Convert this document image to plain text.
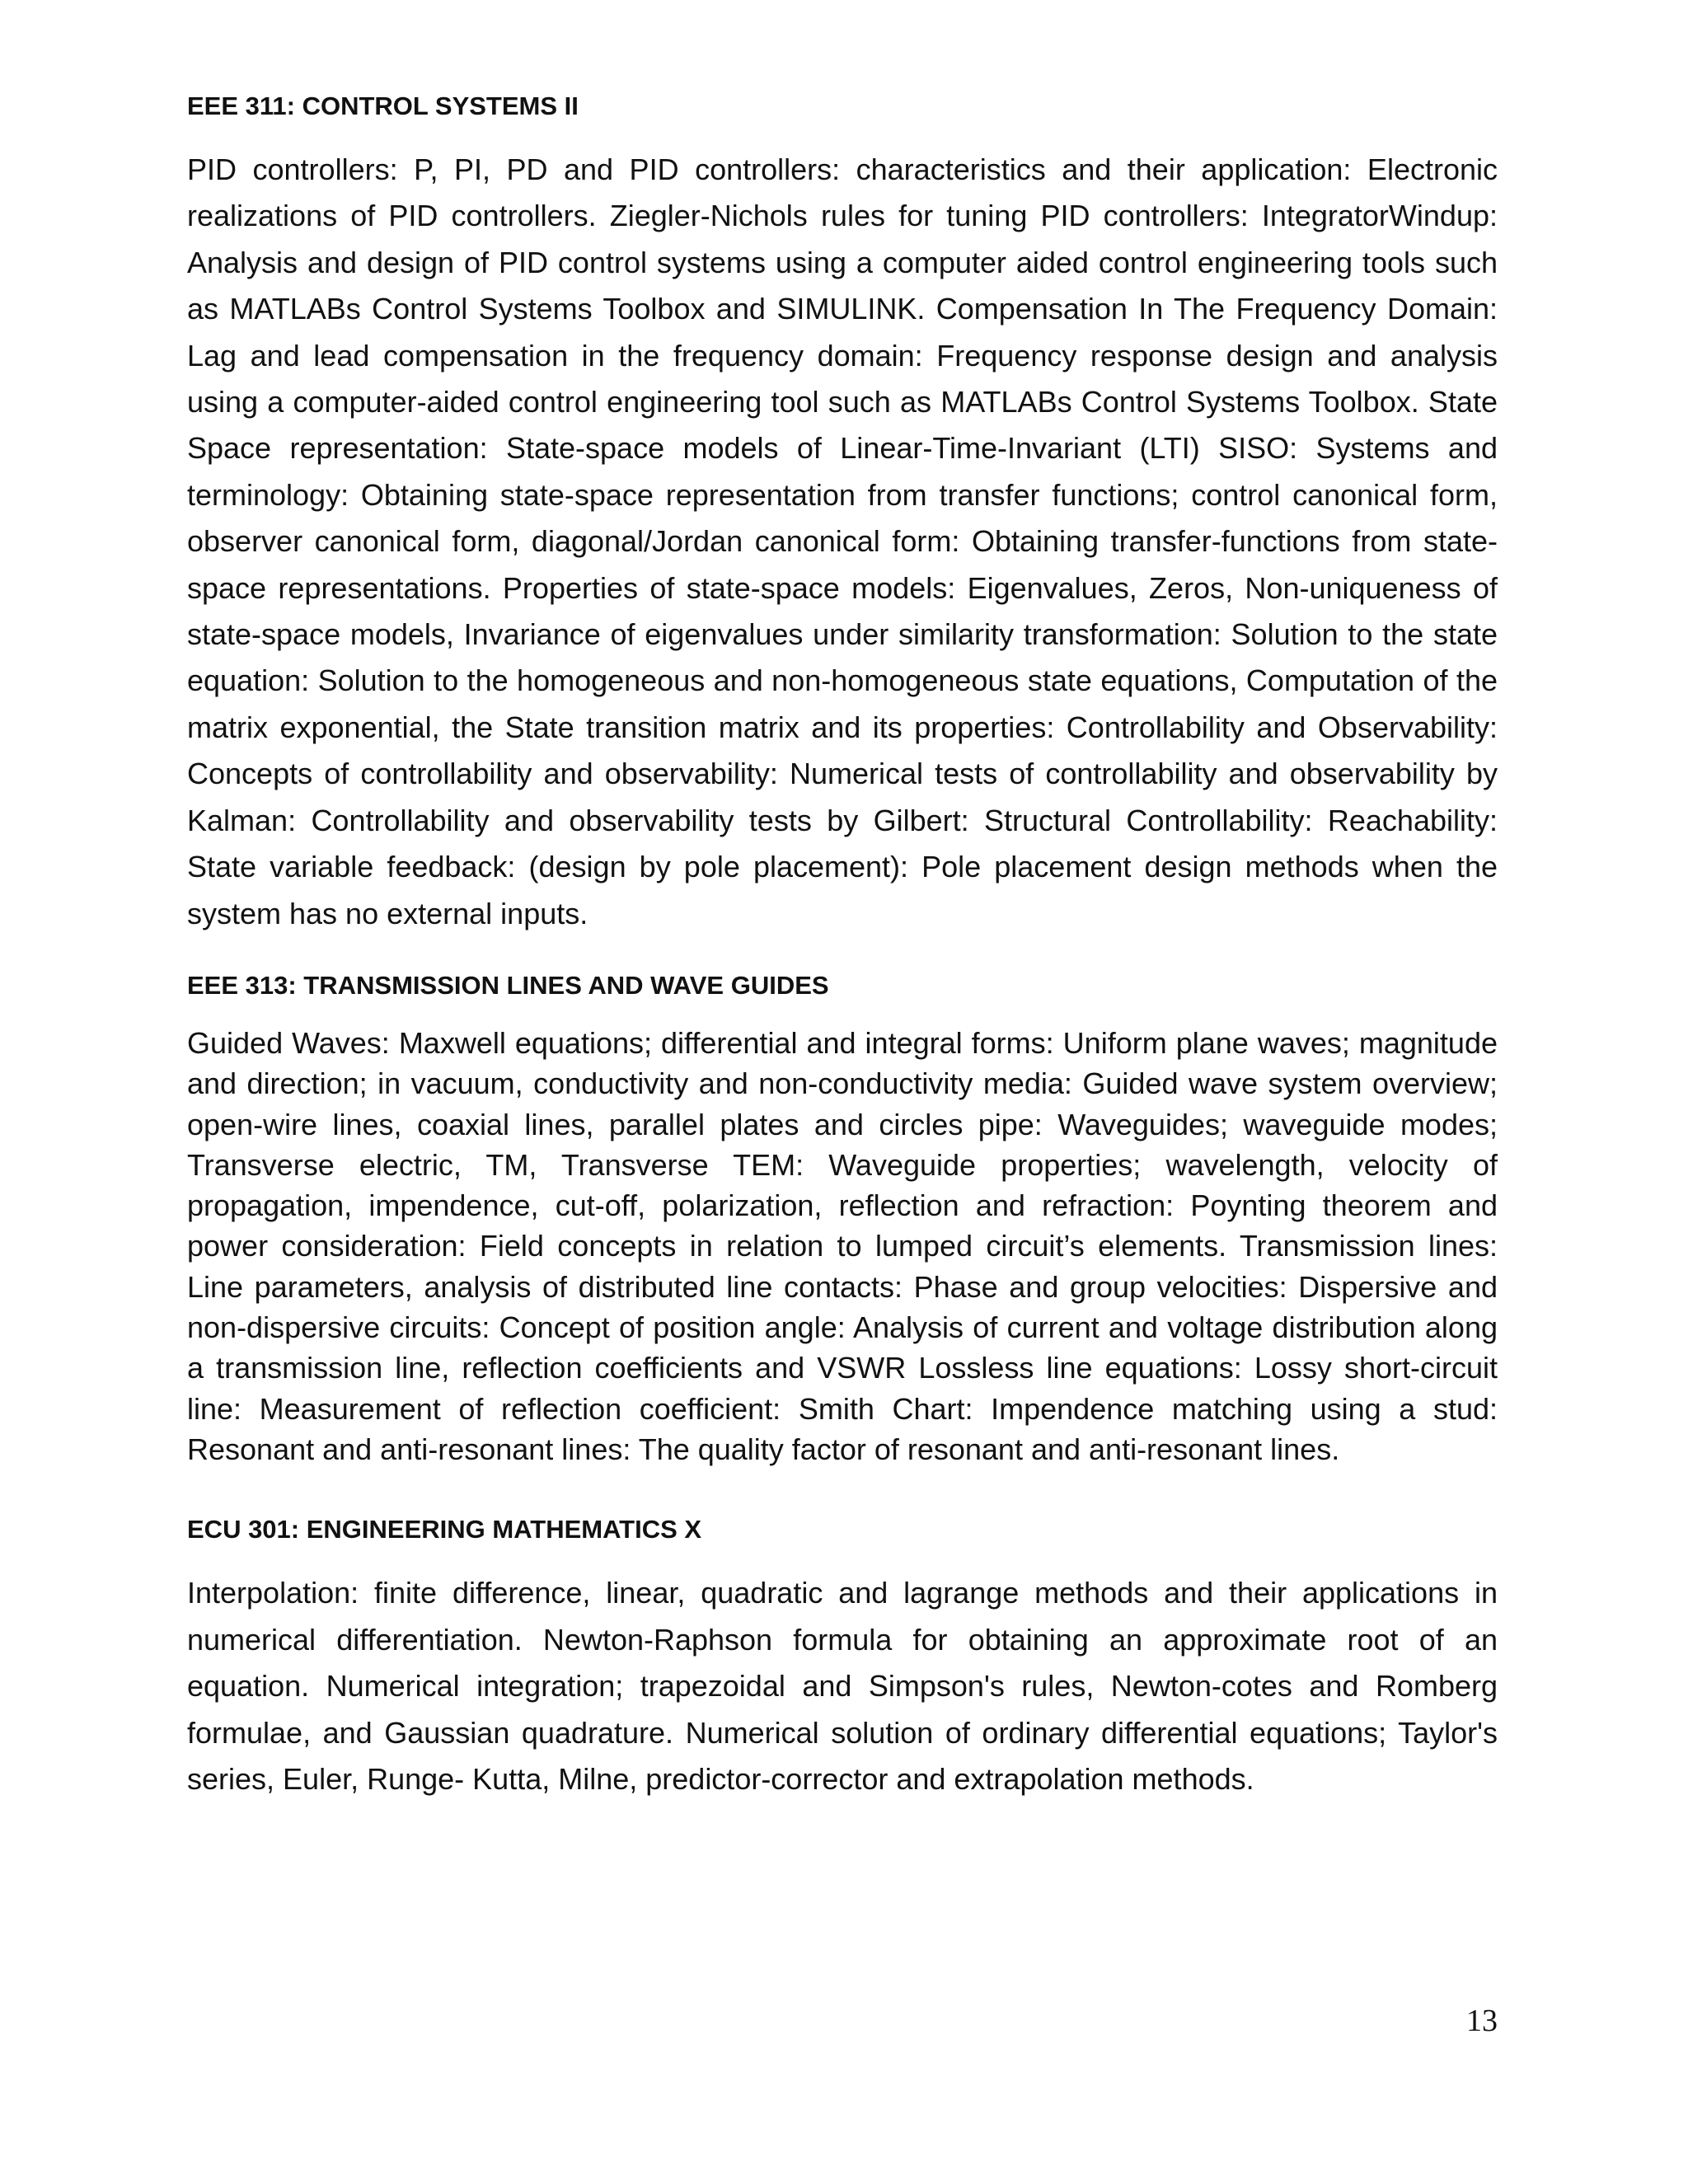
EEE 311: CONTROL SYSTEMS II

PID controllers: P, PI, PD and PID controllers: characteristics and their application: Electronic realizations of PID controllers. Ziegler-Nichols rules for tuning PID controllers: IntegratorWindup: Analysis and design of PID control systems using a computer aided control engineering tools such as MATLABs Control Systems Toolbox and SIMULINK. Compensation In The Frequency Domain: Lag and lead compensation in the frequency domain: Frequency response design and analysis using a computer-aided control engineering tool such as MATLABs Control Systems Toolbox. State Space representation: State-space models of Linear-Time-Invariant (LTI) SISO: Systems and terminology: Obtaining state-space representation from transfer functions; control canonical form, observer canonical form, diagonal/Jordan canonical form: Obtaining transfer-functions from state-space representations. Properties of state-space models: Eigenvalues, Zeros, Non-uniqueness of state-space models, Invariance of eigenvalues under similarity transformation: Solution to the state equation: Solution to the homogeneous and non-homogeneous state equations, Computation of the matrix exponential, the State transition matrix and its properties: Controllability and Observability: Concepts of controllability and observability: Numerical tests of controllability and observability by Kalman: Controllability and observability tests by Gilbert: Structural Controllability: Reachability: State variable feedback: (design by pole placement): Pole placement design methods when the system has no external inputs.

EEE 313: TRANSMISSION LINES AND WAVE GUIDES

Guided Waves: Maxwell equations; differential and integral forms: Uniform plane waves; magnitude and direction; in vacuum, conductivity and non-conductivity media: Guided wave system overview; open-wire lines, coaxial lines, parallel plates and circles pipe: Waveguides; waveguide modes; Transverse electric, TM, Transverse TEM: Waveguide properties; wavelength, velocity of propagation, impendence, cut-off, polarization, reflection and refraction: Poynting theorem and power consideration: Field concepts in relation to lumped circuit’s elements. Transmission lines: Line parameters, analysis of distributed line contacts: Phase and group velocities: Dispersive and non-dispersive circuits: Concept of position angle: Analysis of current and voltage distribution along a transmission line, reflection coefficients and VSWR Lossless line equations: Lossy short-circuit line: Measurement of reflection coefficient: Smith Chart: Impendence matching using a stud: Resonant and anti-resonant lines: The quality factor of resonant and anti-resonant lines.

ECU 301: ENGINEERING MATHEMATICS X

Interpolation: finite difference, linear, quadratic and lagrange methods and their applications in numerical differentiation. Newton-Raphson formula for obtaining an approximate root of an equation. Numerical integration; trapezoidal and Simpson's rules, Newton-cotes and Romberg formulae, and Gaussian quadrature. Numerical solution of ordinary differential equations; Taylor's series, Euler, Runge- Kutta, Milne, predictor-corrector and extrapolation methods.

13
